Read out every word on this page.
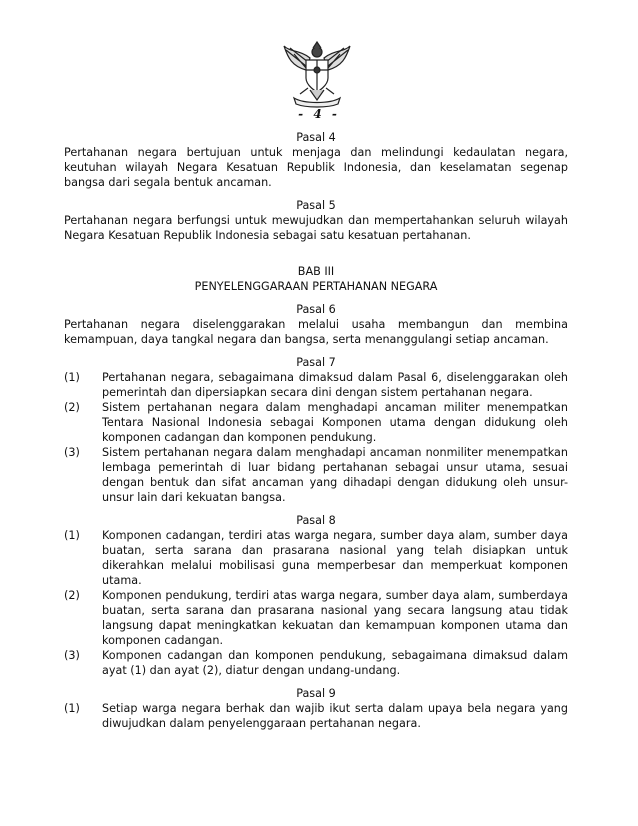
- 4 -
Pasal 4
Pertahanan negara bertujuan untuk menjaga dan melindungi kedaulatan negara, keutuhan wilayah Negara Kesatuan Republik Indonesia, dan keselamatan segenap bangsa dari segala bentuk ancaman.
Pasal 5
Pertahanan negara berfungsi untuk mewujudkan dan mempertahankan seluruh wilayah Negara Kesatuan Republik Indonesia sebagai satu kesatuan pertahanan.
BAB III
PENYELENGGARAAN PERTAHANAN NEGARA
Pasal 6
Pertahanan negara diselenggarakan melalui usaha membangun dan membina kemampuan, daya tangkal negara dan bangsa, serta menanggulangi setiap ancaman.
Pasal 7
(1)	Pertahanan negara, sebagaimana dimaksud dalam Pasal 6, diselenggarakan oleh pemerintah dan dipersiapkan secara dini dengan sistem pertahanan negara.
(2)	Sistem pertahanan negara dalam menghadapi ancaman militer menempatkan Tentara Nasional Indonesia sebagai Komponen utama dengan didukung oleh komponen cadangan dan komponen pendukung.
(3)	Sistem pertahanan negara dalam menghadapi ancaman nonmiliter menempatkan lembaga pemerintah di luar bidang pertahanan sebagai unsur utama, sesuai dengan bentuk dan sifat ancaman yang dihadapi dengan didukung oleh unsur-unsur lain dari kekuatan bangsa.
Pasal 8
(1)	Komponen cadangan, terdiri atas warga negara, sumber daya alam, sumber daya buatan, serta sarana dan prasarana nasional yang telah disiapkan untuk dikerahkan melalui mobilisasi guna memperbesar dan memperkuat komponen utama.
(2)	Komponen pendukung, terdiri atas warga negara, sumber daya alam, sumberdaya buatan, serta sarana dan prasarana nasional yang secara langsung atau tidak langsung dapat meningkatkan kekuatan dan kemampuan komponen utama dan komponen cadangan.
(3)	Komponen cadangan dan komponen pendukung, sebagaimana dimaksud dalam ayat (1) dan ayat (2), diatur dengan undang-undang.
Pasal 9
(1)	Setiap warga negara berhak dan wajib ikut serta dalam upaya bela negara yang diwujudkan dalam penyelenggaraan pertahanan negara.
